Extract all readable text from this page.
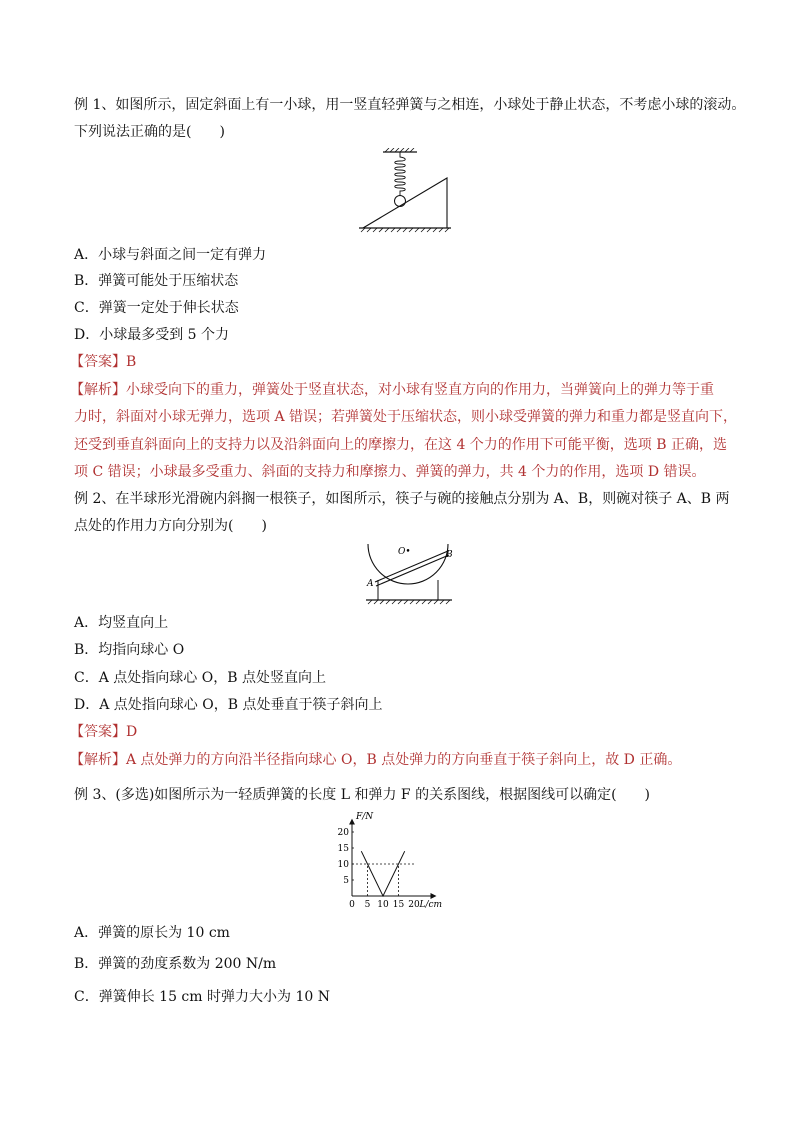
例 1、如图所示，固定斜面上有一小球，用一竖直轻弹簧与之相连，小球处于静止状态，不考虑小球的滚动。
下列说法正确的是(　　)
A．小球与斜面之间一定有弹力
B．弹簧可能处于压缩状态
C．弹簧一定处于伸长状态
D．小球最多受到 5 个力
【答案】B
【解析】小球受向下的重力，弹簧处于竖直状态，对小球有竖直方向的作用力，当弹簧向上的弹力等于重
力时，斜面对小球无弹力，选项 A 错误；若弹簧处于压缩状态，则小球受弹簧的弹力和重力都是竖直向下，
还受到垂直斜面向上的支持力以及沿斜面向上的摩擦力，在这 4 个力的作用下可能平衡，选项 B 正确，选
项 C 错误；小球最多受重力、斜面的支持力和摩擦力、弹簧的弹力，共 4 个力的作用，选项 D 错误。
例 2、在半球形光滑碗内斜搁一根筷子，如图所示，筷子与碗的接触点分别为 A、B，则碗对筷子 A、B 两
点处的作用力方向分别为(　　)
O•
A
B
A．均竖直向上
B．均指向球心 O
C．A 点处指向球心 O，B 点处竖直向上
D．A 点处指向球心 O，B 点处垂直于筷子斜向上
【答案】D
【解析】A 点处弹力的方向沿半径指向球心 O，B 点处弹力的方向垂直于筷子斜向上，故 D 正确。
例 3、(多选)如图所示为一轻质弹簧的长度 L 和弹力 F 的关系图线，根据图线可以确定(　　)
F/N
L/cm
0 5 10 15 20
5
10
15
20
A．弹簧的原长为 10 cm
B．弹簧的劲度系数为 200 N/m
C．弹簧伸长 15 cm 时弹力大小为 10 N
